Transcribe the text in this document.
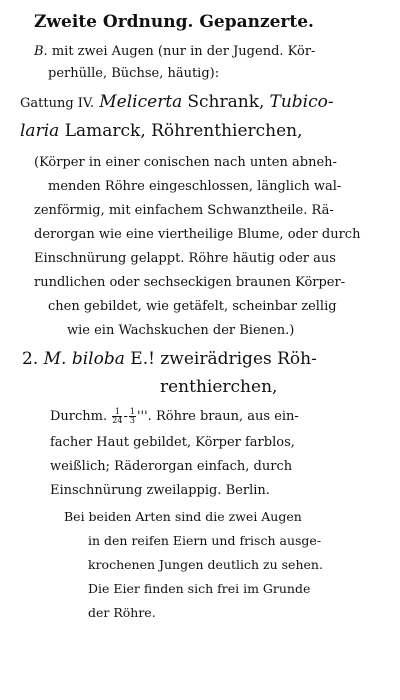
Zweite Ordnung. Gepanzerte.
B. mit zwei Augen (nur in der Jugend. Kör-
perhülle, Büchse, häutig):
Gattung IV. Melicerta Schrank, Tubico-
laria Lamarck, Röhrenthierchen,
(Körper in einer conischen nach unten abneh-
menden Röhre eingeschlossen, länglich wal-
zenförmig, mit einfachem Schwanztheile. Rä-
derorgan wie eine viertheilige Blume, oder durch
Einschnürung gelappt. Röhre häutig oder aus
rundlichen oder sechseckigen braunen Körper-
chen gebildet, wie getäfelt, scheinbar zellig
wie ein Wachskuchen der Bienen.)
2. M. biloba E.! zweirädriges Röh-
renthierchen,
Durchm. $\frac{1}{24} - \frac{1}{3}$ '''. Röhre braun, aus ein-
facher Haut gebildet, Körper farblos,
weißlich; Räderorgan einfach, durch
Einschnürung zweilappig. Berlin.
Bei beiden Arten sind die zwei Augen
in den reifen Eiern und frisch ausge-
krochenen Jungen deutlich zu sehen.
Die Eier finden sich frei im Grunde
der Röhre.
